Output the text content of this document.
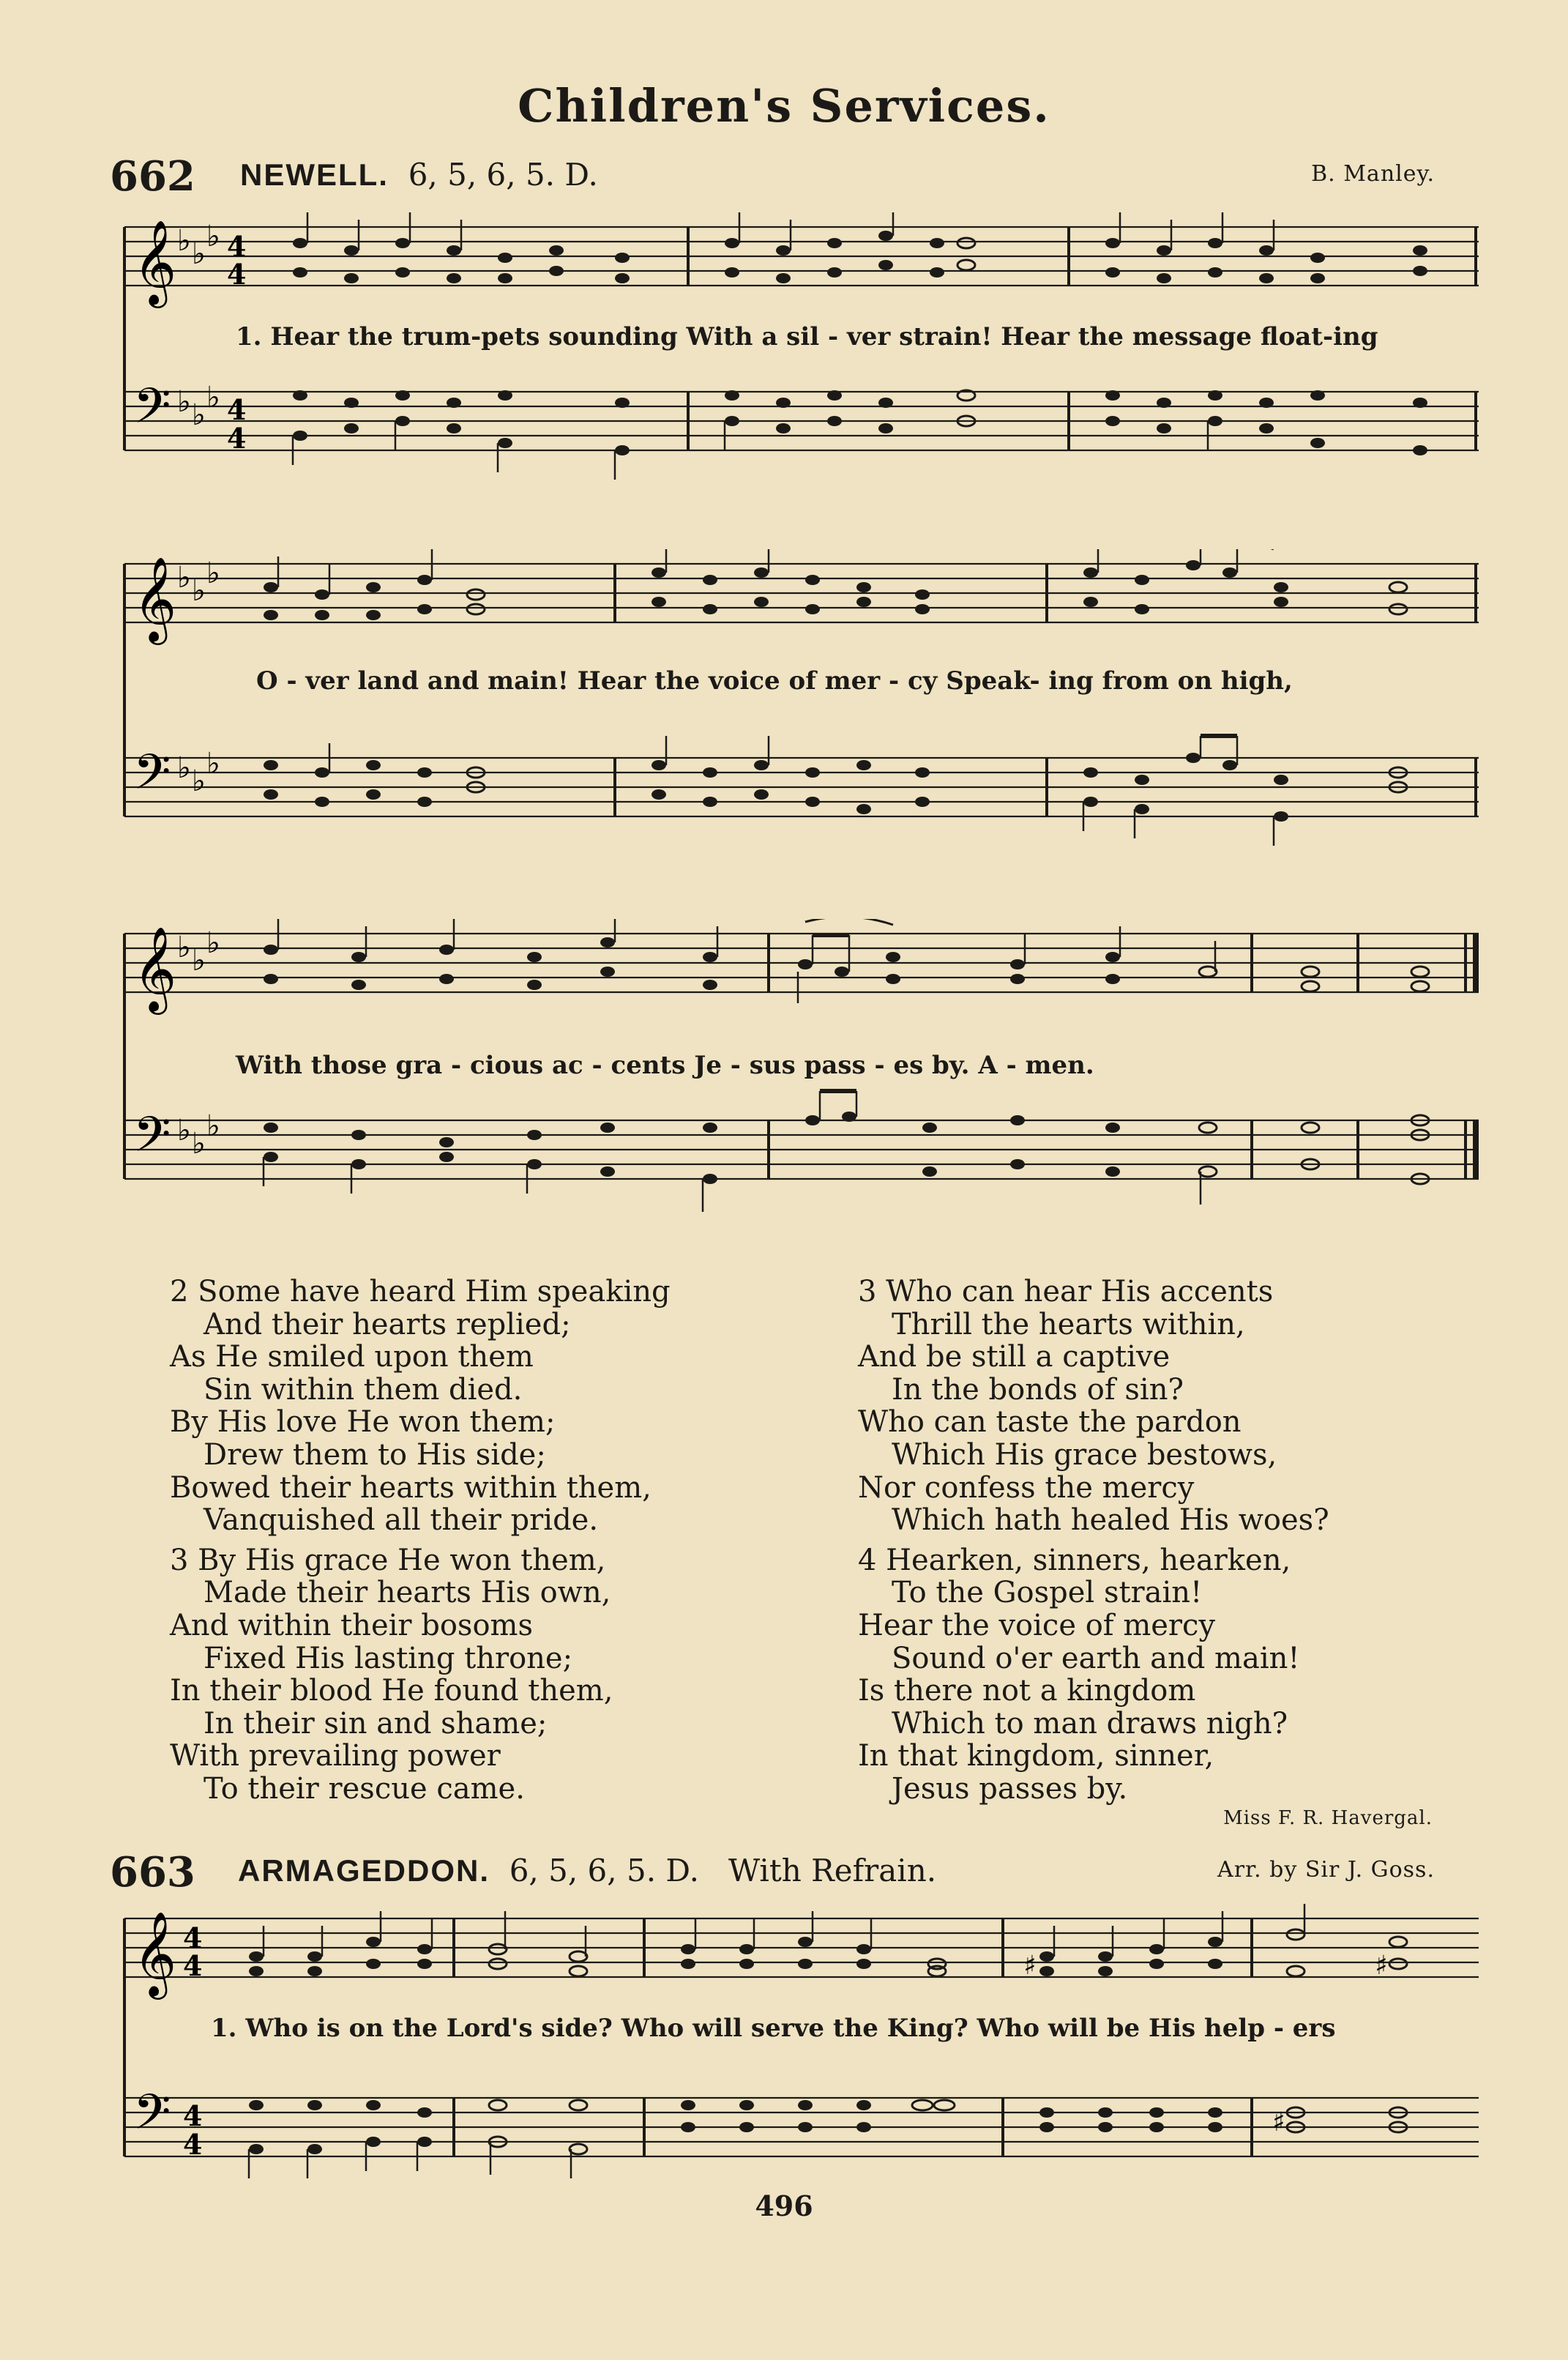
Children's Services.
662 NEWELL. 6, 5, 6, 5. D.	B. Manley.
𝄞
𝄢
♭ ♭
♭
♭ ♭
♭
4
4
4
4
1. Hear the trum-pets sounding With a sil - ver strain! Hear the message float-ing
𝄞
𝄢
♭ ♭
♭
♭ ♭
♭
O - ver land and main! Hear the voice of mer - cy Speak- ing from on high,
𝄞
𝄢
♭ ♭
♭
♭ ♭
♭
With those gra - cious ac - cents Je - sus pass - es by. A - men.
2 Some have heard Him speaking
And their hearts replied;
As He smiled upon them
Sin within them died.
By His love He won them;
Drew them to His side;
Bowed their hearts within them,
Vanquished all their pride.
3 By His grace He won them,
Made their hearts His own,
And within their bosoms
Fixed His lasting throne;
In their blood He found them,
In their sin and shame;
With prevailing power
To their rescue came.
3 Who can hear His accents
Thrill the hearts within,
And be still a captive
In the bonds of sin?
Who can taste the pardon
Which His grace bestows,
Nor confess the mercy
Which hath healed His woes?
4 Hearken, sinners, hearken,
To the Gospel strain!
Hear the voice of mercy
Sound o'er earth and main!
Is there not a kingdom
Which to man draws nigh?
In that kingdom, sinner,
Jesus passes by.
Miss F. R. Havergal.
663 ARMAGEDDON. 6, 5, 6, 5. D. With Refrain.	Arr. by Sir J. Goss.
𝄞
𝄢
4
4
4
4
♯	♯
♯
1. Who is on the Lord's side? Who will serve the King? Who will be His help - ers
496
